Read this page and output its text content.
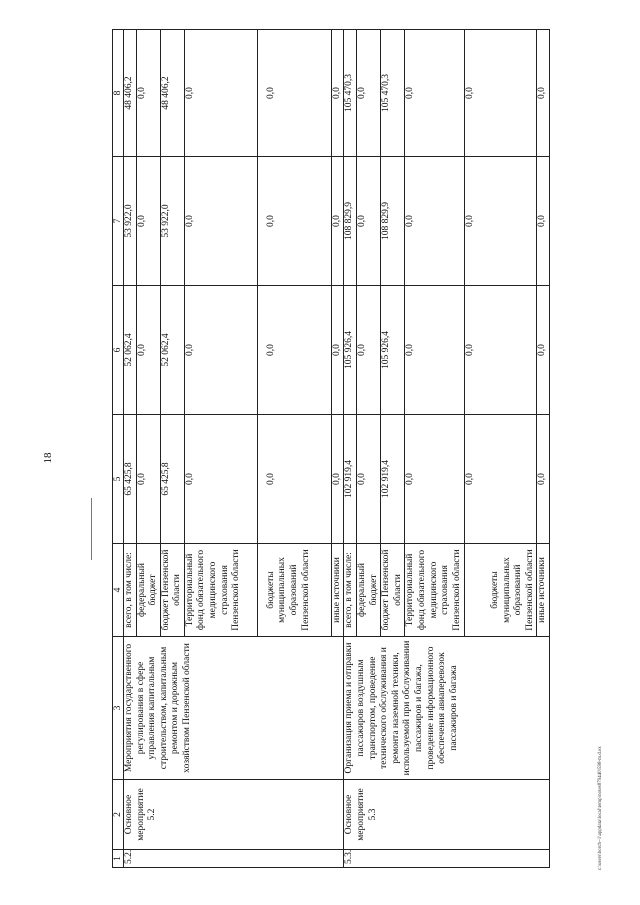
18
1	2	3	4	5	6	7	8
5.2.	Основное мероприятие 5.2	Мероприятия государственного регулирования в сфере управления капитальным строительством, капитальным ремонтом и дорожным хозяйством Пензенской области	всего, в том числе:	65 425,8	52 062,4	53 922,0	48 406,2
			федеральный бюджет	0,0	0,0	0,0	0,0
			бюджет Пензенской области	65 425,8	52 062,4	53 922,0	48 406,2
			Территориальный фонд обязательного медицинского страхования Пензенской области	0,0	0,0	0,0	0,0
			бюджеты муниципальных образований Пензенской области	0,0	0,0	0,0	0,0
			иные источники	0,0	0,0	0,0	0,0
5.3.	Основное мероприятие 5.3	Организация приема и отправки пассажиров воздушным транспортом, проведение технического обслуживания и ремонта наземной техники, используемой при обслуживании пассажиров и багажа, проведение информационного обеспечения авиаперевозок пассажиров и багажа	всего, в том числе:	102 919,4	105 926,4	108 829,9	105 470,3
			федеральный бюджет	0,0	0,0	0,0	0,0
			бюджет Пензенской области	102 919,4	105 926,4	108 829,9	105 470,3
			Территориальный фонд обязательного медицинского страхования Пензенской области	0,0	0,0	0,0	0,0
			бюджеты муниципальных образований Пензенской области	0,0	0,0	0,0	0,0
			иные источники	0,0	0,0	0,0	0,0
c:\users\borch~1\appdata\local\temp\notes879440\598-m.d.ex
